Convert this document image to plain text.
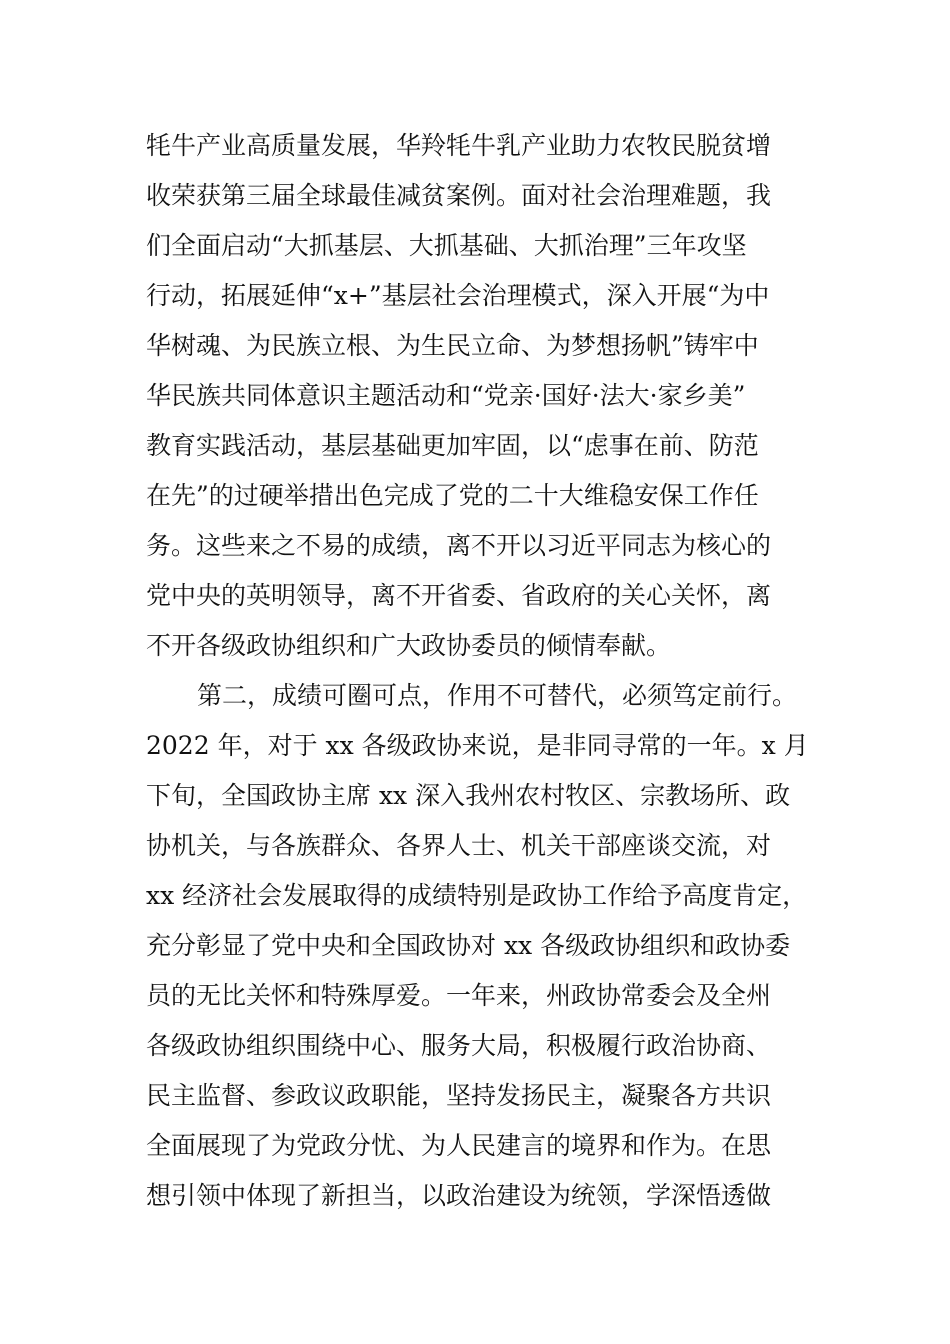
牦牛产业高质量发展，华羚牦牛乳产业助力农牧民脱贫增
收荣获第三届全球最佳减贫案例。面对社会治理难题，我
们全面启动“大抓基层、大抓基础、大抓治理”三年攻坚
行动，拓展延伸“x+”基层社会治理模式，深入开展“为中
华树魂、为民族立根、为生民立命、为梦想扬帆”铸牢中
华民族共同体意识主题活动和“党亲·国好·法大·家乡美”
教育实践活动，基层基础更加牢固，以“虑事在前、防范
在先”的过硬举措出色完成了党的二十大维稳安保工作任
务。这些来之不易的成绩，离不开以习近平同志为核心的
党中央的英明领导，离不开省委、省政府的关心关怀，离
不开各级政协组织和广大政协委员的倾情奉献。
第二，成绩可圈可点，作用不可替代，必须笃定前行。
2022 年，对于 xx 各级政协来说，是非同寻常的一年。x 月
下旬，全国政协主席 xx 深入我州农村牧区、宗教场所、政
协机关，与各族群众、各界人士、机关干部座谈交流，对
xx 经济社会发展取得的成绩特别是政协工作给予高度肯定，
充分彰显了党中央和全国政协对 xx 各级政协组织和政协委
员的无比关怀和特殊厚爱。一年来，州政协常委会及全州
各级政协组织围绕中心、服务大局，积极履行政治协商、
民主监督、参政议政职能，坚持发扬民主，凝聚各方共识
全面展现了为党政分忧、为人民建言的境界和作为。在思
想引领中体现了新担当，以政治建设为统领，学深悟透做
